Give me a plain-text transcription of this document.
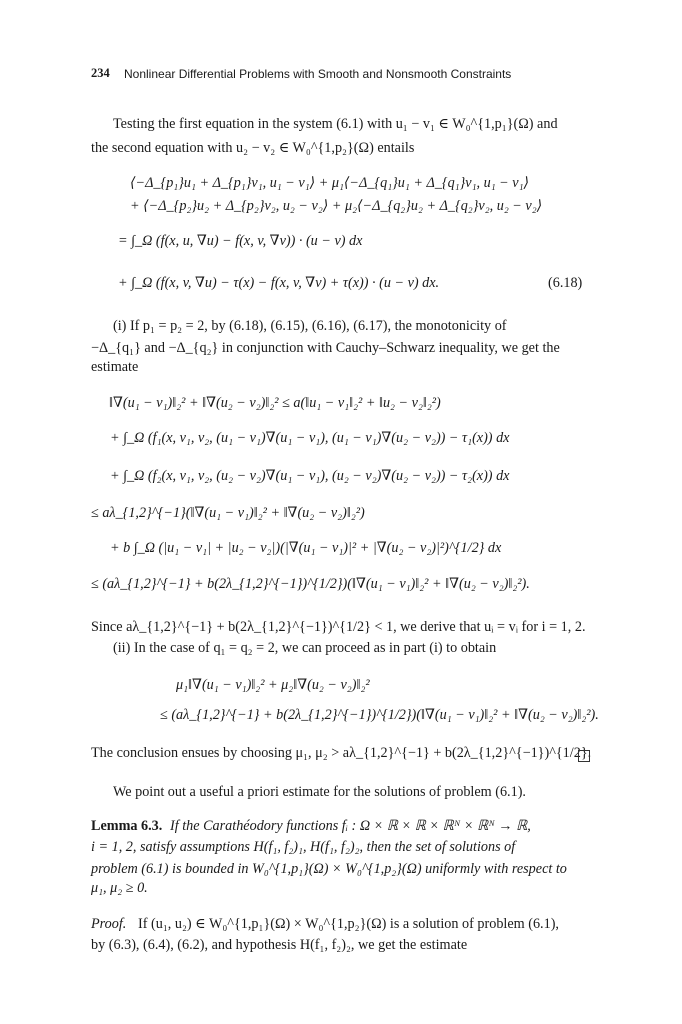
234 Nonlinear Differential Problems with Smooth and Nonsmooth Constraints
Testing the first equation in the system (6.1) with u₁ − v₁ ∈ W₀^{1,p₁}(Ω) and
the second equation with u₂ − v₂ ∈ W₀^{1,p₂}(Ω) entails
⟨−Δ_{p₁}u₁ + Δ_{p₁}v₁, u₁ − v₁⟩ + μ₁⟨−Δ_{q₁}u₁ + Δ_{q₁}v₁, u₁ − v₁⟩
+ ⟨−Δ_{p₂}u₂ + Δ_{p₂}v₂, u₂ − v₂⟩ + μ₂⟨−Δ_{q₂}u₂ + Δ_{q₂}v₂, u₂ − v₂⟩
= ∫_Ω (f(x, u, ∇u) − f(x, v, ∇v)) · (u − v) dx
+ ∫_Ω (f(x, v, ∇u) − τ(x) − f(x, v, ∇v) + τ(x)) · (u − v) dx.	(6.18)
(i) If p₁ = p₂ = 2, by (6.18), (6.15), (6.16), (6.17), the monotonicity of
−Δ_{q₁} and −Δ_{q₂} in conjunction with Cauchy–Schwarz inequality, we get the
estimate
‖∇(u₁ − v₁)‖₂² + ‖∇(u₂ − v₂)‖₂² ≤ a(‖u₁ − v₁‖₂² + ‖u₂ − v₂‖₂²)
+ ∫_Ω (f₁(x, v₁, v₂, (u₁ − v₁)∇(u₁ − v₁), (u₁ − v₁)∇(u₂ − v₂)) − τ₁(x)) dx
+ ∫_Ω (f₂(x, v₁, v₂, (u₂ − v₂)∇(u₁ − v₁), (u₂ − v₂)∇(u₂ − v₂)) − τ₂(x)) dx
≤ aλ_{1,2}^{−1}(‖∇(u₁ − v₁)‖₂² + ‖∇(u₂ − v₂)‖₂²)
+ b ∫_Ω (|u₁ − v₁| + |u₂ − v₂|)(|∇(u₁ − v₁)|² + |∇(u₂ − v₂)|²)^{1/2} dx
≤ (aλ_{1,2}^{−1} + b(2λ_{1,2}^{−1})^{1/2})(‖∇(u₁ − v₁)‖₂² + ‖∇(u₂ − v₂)‖₂²).
Since aλ_{1,2}^{−1} + b(2λ_{1,2}^{−1})^{1/2} < 1, we derive that uᵢ = vᵢ for i = 1, 2.
(ii) In the case of q₁ = q₂ = 2, we can proceed as in part (i) to obtain
μ₁‖∇(u₁ − v₁)‖₂² + μ₂‖∇(u₂ − v₂)‖₂²
≤ (aλ_{1,2}^{−1} + b(2λ_{1,2}^{−1})^{1/2})(‖∇(u₁ − v₁)‖₂² + ‖∇(u₂ − v₂)‖₂²).
The conclusion ensues by choosing μ₁, μ₂ > aλ_{1,2}^{−1} + b(2λ_{1,2}^{−1})^{1/2}.
We point out a useful a priori estimate for the solutions of problem (6.1).
Lemma 6.3. If the Carathéodory functions fᵢ : Ω × ℝ × ℝ × ℝᴺ × ℝᴺ → ℝ,
i = 1, 2, satisfy assumptions H(f₁, f₂)₁, H(f₁, f₂)₂, then the set of solutions of
problem (6.1) is bounded in W₀^{1,p₁}(Ω) × W₀^{1,p₂}(Ω) uniformly with respect to
μ₁, μ₂ ≥ 0.
Proof. If (u₁, u₂) ∈ W₀^{1,p₁}(Ω) × W₀^{1,p₂}(Ω) is a solution of problem (6.1),
by (6.3), (6.4), (6.2), and hypothesis H(f₁, f₂)₂, we get the estimate
